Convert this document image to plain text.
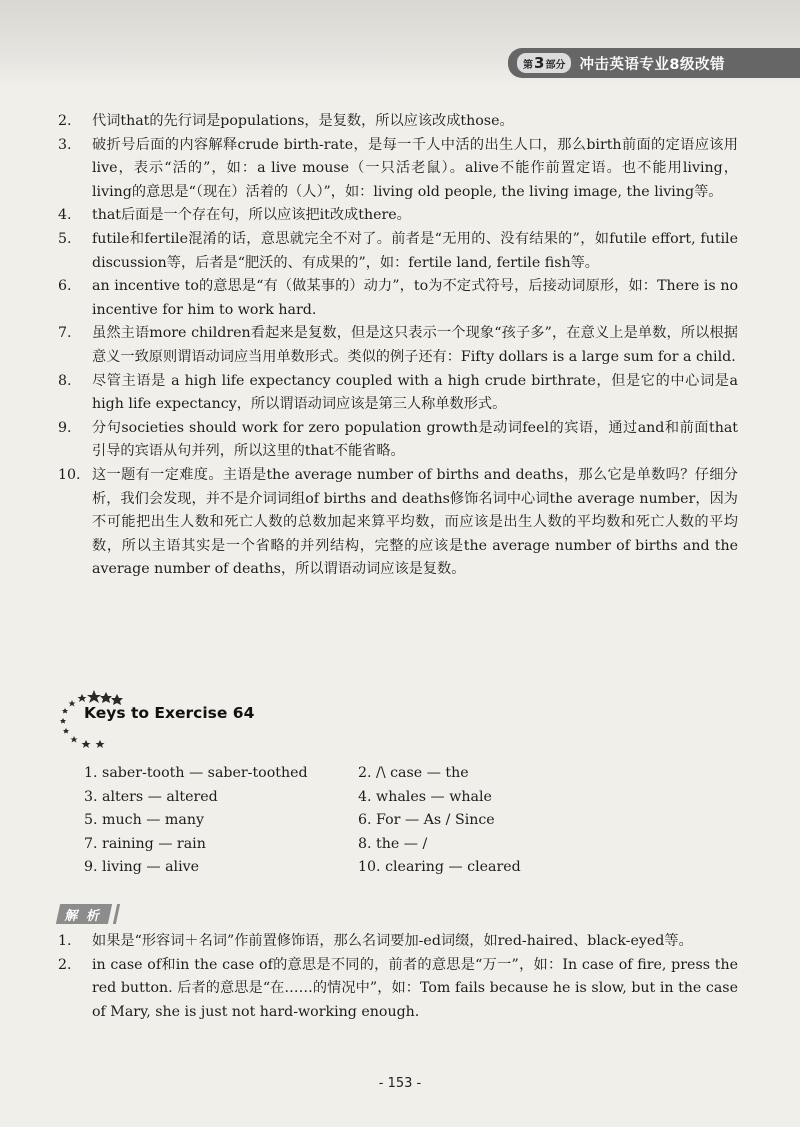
第 3 部分 冲击英语专业8级改错
2. 代词that的先行词是populations，是复数，所以应该改成those。
3. 破折号后面的内容解释crude birth-rate，是每一千人中活的出生人口，那么birth前面的定语应该用live，表示“活的”，如：a live mouse（一只活老鼠）。alive不能作前置定语。也不能用living，living的意思是“（现在）活着的（人）”，如：living old people, the living image, the living等。
4. that后面是一个存在句，所以应该把it改成there。
5. futile和fertile混淆的话，意思就完全不对了。前者是“无用的、没有结果的”，如futile effort, futile discussion等，后者是“肥沃的、有成果的”，如：fertile land, fertile fish等。
6. an incentive to的意思是“有（做某事的）动力”，to为不定式符号，后接动词原形，如：There is no incentive for him to work hard.
7. 虽然主语more children看起来是复数，但是这只表示一个现象“孩子多”，在意义上是单数，所以根据意义一致原则谓语动词应当用单数形式。类似的例子还有：Fifty dollars is a large sum for a child.
8. 尽管主语是 a high life expectancy coupled with a high crude birthrate，但是它的中心词是a high life expectancy，所以谓语动词应该是第三人称单数形式。
9. 分句societies should work for zero population growth是动词feel的宾语，通过and和前面that引导的宾语从句并列，所以这里的that不能省略。
10. 这一题有一定难度。主语是the average number of births and deaths，那么它是单数吗？仔细分析，我们会发现，并不是介词词组of births and deaths修饰名词中心词the average number，因为不可能把出生人数和死亡人数的总数加起来算平均数，而应该是出生人数的平均数和死亡人数的平均数，所以主语其实是一个省略的并列结构，完整的应该是the average number of births and the average number of deaths，所以谓语动词应该是复数。
Keys to Exercise 64
1. saber-tooth — saber-toothed	2. /\ case — the
3. alters — altered	4. whales — whale
5. much — many	6. For — As / Since
7. raining — rain	8. the — /
9. living — alive	10. clearing — cleared
解 析
1. 如果是“形容词＋名词”作前置修饰语，那么名词要加-ed词缀，如red-haired、black-eyed等。
2. in case of和in the case of的意思是不同的，前者的意思是“万一”，如：In case of fire, press the red button. 后者的意思是“在……的情况中”，如：Tom fails because he is slow, but in the case of Mary, she is just not hard-working enough.
- 153 -
